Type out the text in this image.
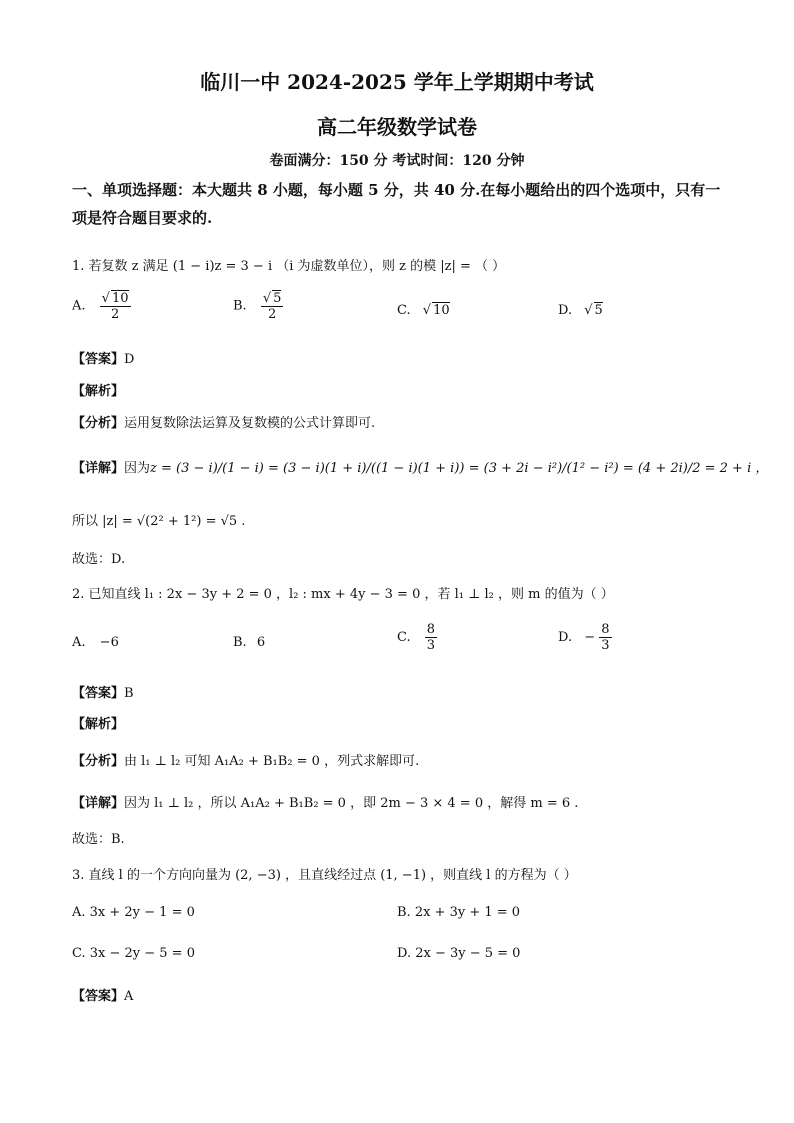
临川一中 2024-2025 学年上学期期中考试
高二年级数学试卷
卷面满分：150 分 考试时间：120 分钟
一、单项选择题：本大题共 8 小题，每小题 5 分，共 40 分.在每小题给出的四个选项中，只有一项是符合题目要求的.
1. 若复数 z 满足 (1 − i)z = 3 − i （i 为虚数单位），则 z 的模 |z| = （ ）
A. $\frac{√ 10}{2}$	B. $\frac{√ 5}{2}$	C. √ 10	D. √ 5
【答案】D
【解析】
【分析】运用复数除法运算及复数模的公式计算即可.
【详解】因为z = (3 − i)/(1 − i) = (3 − i)(1 + i)/((1 − i)(1 + i)) = (3 + 2i − i²)/(1² − i²) = (4 + 2i)/2 = 2 + i ，
所以 |z| = √(2² + 1²) = √5 .
故选：D.
2. 已知直线 l₁ : 2x − 3y + 2 = 0 ，l₂ : mx + 4y − 3 = 0 ，若 l₁ ⊥ l₂ ，则 m 的值为（ ）
A. −6	B. 6	C. $\frac{8}{3}$	D. − $\frac{8}{3}$
【答案】B
【解析】
【分析】由 l₁ ⊥ l₂ 可知 A₁A₂ + B₁B₂ = 0 ，列式求解即可.
【详解】因为 l₁ ⊥ l₂ ，所以 A₁A₂ + B₁B₂ = 0 ，即 2m − 3 × 4 = 0 ，解得 m = 6 .
故选：B.
3. 直线 l 的一个方向向量为 (2, −3) ，且直线经过点 (1, −1) ，则直线 l 的方程为（ ）
A. 3x + 2y − 1 = 0	B. 2x + 3y + 1 = 0
C. 3x − 2y − 5 = 0	D. 2x − 3y − 5 = 0
【答案】A
